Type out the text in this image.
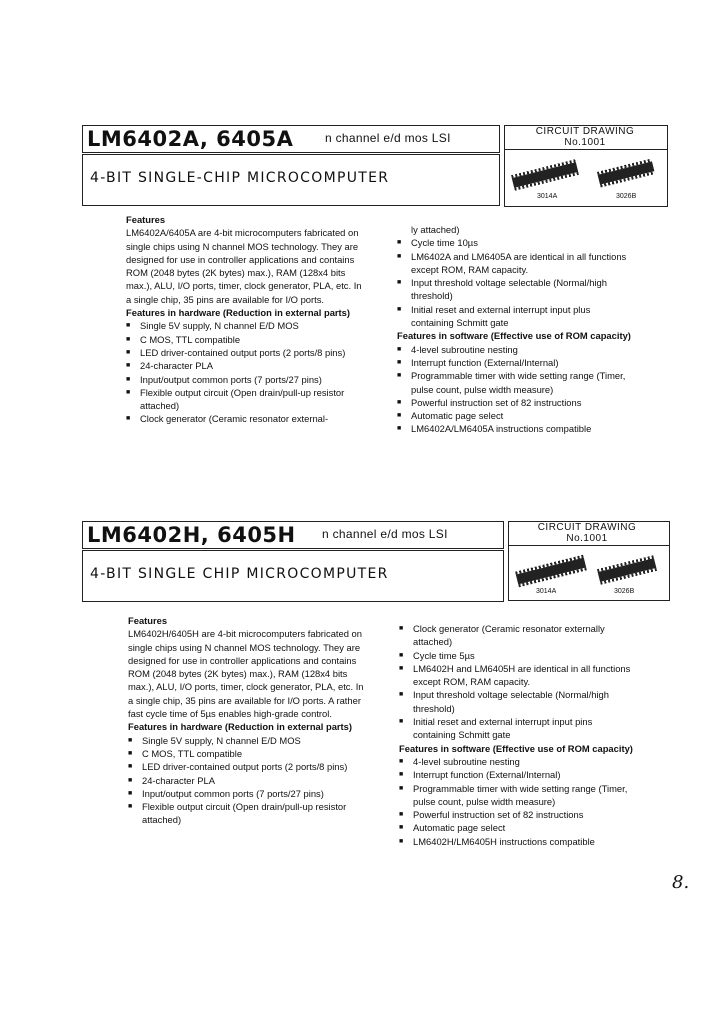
LM6402A, 6405A	n channel e/d mos LSI
4-BIT SINGLE-CHIP MICROCOMPUTER
CIRCUIT DRAWING
No.1001
3014A	3026B

Features

LM6402A/6405A are 4-bit microcomputers fabricated on single chips using N channel MOS technology. They are designed for use in controller applications and contains ROM (2048 bytes (2K bytes) max.), RAM (128x4 bits max.), ALU, I/O ports, timer, clock generator, PLA, etc. In a single chip, 35 pins are available for I/O ports.

Features in hardware (Reduction in external parts)

■ Single 5V supply, N channel E/D MOS

■ C MOS, TTL compatible

■ LED driver-contained output ports (2 ports/8 pins)

■ 24-character PLA

■ Input/output common ports (7 ports/27 pins)

■ Flexible output circuit (Open drain/pull-up resistor attached)

■ Clock generator (Ceramic resonator external-

ly attached)

■ Cycle time 10µs

■ LM6402A and LM6405A are identical in all functions except ROM, RAM capacity.

■ Input threshold voltage selectable (Normal/high threshold)

■ Initial reset and external interrupt input plus containing Schmitt gate

Features in software (Effective use of ROM capacity)

■ 4-level subroutine nesting

■ Interrupt function (External/Internal)

■ Programmable timer with wide setting range (Timer, pulse count, pulse width measure)

■ Powerful instruction set of 82 instructions

■ Automatic page select

■ LM6402A/LM6405A instructions compatible

LM6402H, 6405H n channel e/d mos LSI
4-BIT SINGLE CHIP MICROCOMPUTER
CIRCUIT DRAWING
No.1001
3014A	3026B

Features

LM6402H/6405H are 4-bit microcomputers fabricated on single chips using N channel MOS technology. They are designed for use in controller applications and contains ROM (2048 bytes (2K bytes) max.), RAM (128x4 bits max.), ALU, I/O ports, timer, clock generator, PLA, etc. In a single chip, 35 pins are available for I/O ports. A rather fast cycle time of 5µs enables high-grade control.

Features in hardware (Reduction in external parts)

■ Single 5V supply, N channel E/D MOS

■ C MOS, TTL compatible

■ LED driver-contained output ports (2 ports/8 pins)

■ 24-character PLA

■ Input/output common ports (7 ports/27 pins)

■ Flexible output circuit (Open drain/pull-up resistor attached)

■ Clock generator (Ceramic resonator externally attached)

■ Cycle time 5µs

■ LM6402H and LM6405H are identical in all functions except ROM, RAM capacity.

■ Input threshold voltage selectable (Normal/high threshold)

■ Initial reset and external interrupt input pins containing Schmitt gate

Features in software (Effective use of ROM capacity)

■ 4-level subroutine nesting

■ Interrupt function (External/Internal)

■ Programmable timer with wide setting range (Timer, pulse count, pulse width measure)

■ Powerful instruction set of 82 instructions

■ Automatic page select

■ LM6402H/LM6405H instructions compatible

8.
